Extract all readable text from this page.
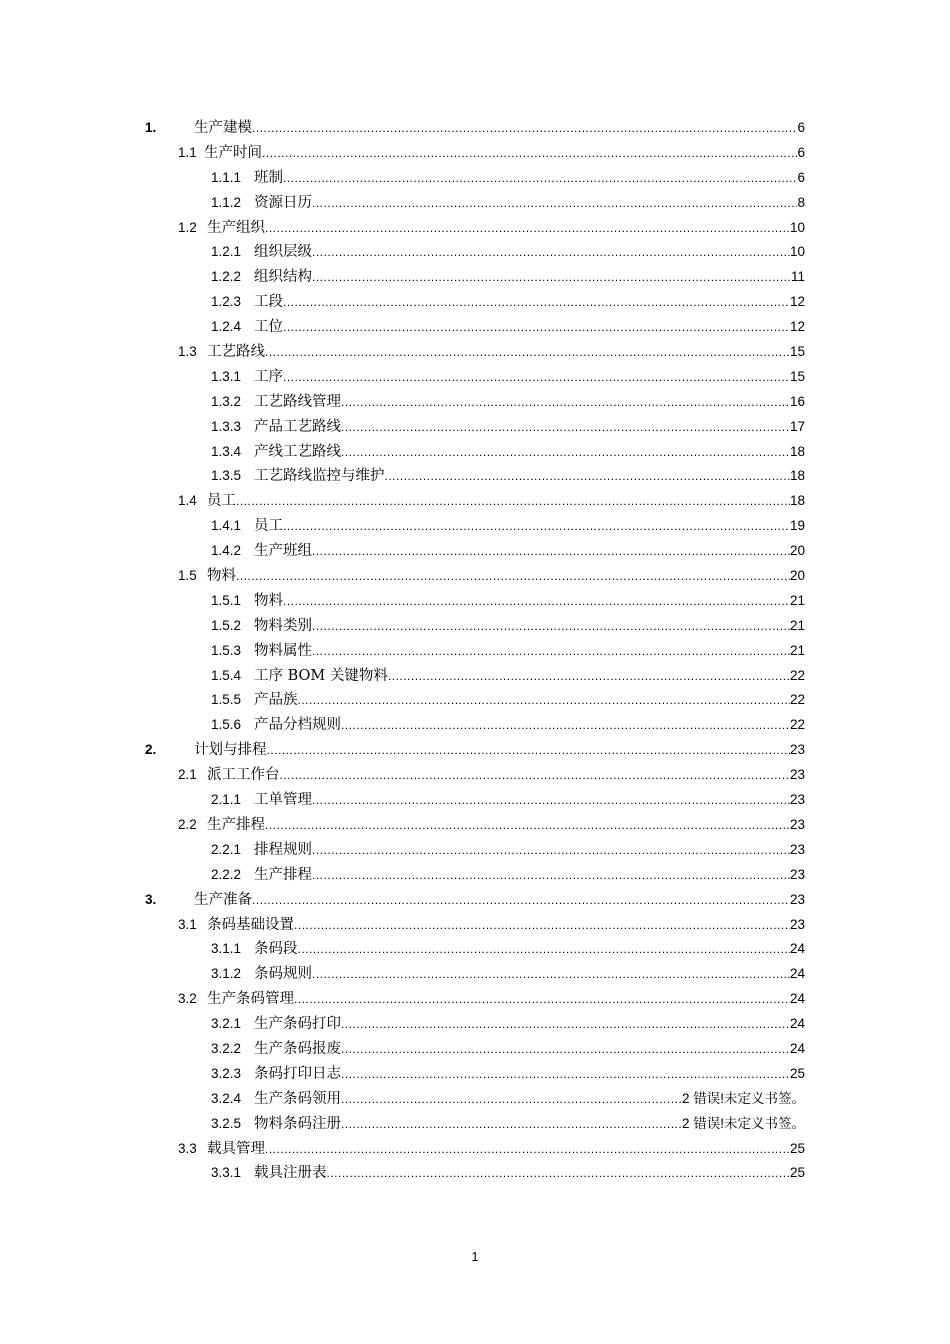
1.	生产建模 .....	6
1.1 生产时间 .....	6
1.1.1 班制 .....	6
1.1.2 资源日历 .....	8
1.2 生产组织 .....	10
1.2.1 组织层级 .....	10
1.2.2 组织结构 .....	11
1.2.3 工段 .....	12
1.2.4 工位 .....	12
1.3 工艺路线 .....	15
1.3.1 工序 .....	15
1.3.2 工艺路线管理 .....	16
1.3.3 产品工艺路线 .....	17
1.3.4 产线工艺路线 .....	18
1.3.5 工艺路线监控与维护 .....	18
1.4 员工 .....	18
1.4.1 员工 .....	19
1.4.2 生产班组 .....	20
1.5 物料 .....	20
1.5.1 物料 .....	21
1.5.2 物料类别 .....	21
1.5.3 物料属性 .....	21
1.5.4 工序 BOM 关键物料 .....	22
1.5.5 产品族 .....	22
1.5.6 产品分档规则 .....	22
2.	计划与排程 .....	23
2.1 派工工作台 .....	23
2.1.1 工单管理 .....	23
2.2 生产排程 .....	23
2.2.1 排程规则 .....	23
2.2.2 生产排程 .....	23
3.	生产准备 .....	23
3.1 条码基础设置 .....	23
3.1.1 条码段 .....	24
3.1.2 条码规则 .....	24
3.2 生产条码管理 .....	24
3.2.1 生产条码打印 .....	24
3.2.2 生产条码报废 .....	24
3.2.3 条码打印日志 .....	25
3.2.4 生产条码领用 .....	2 错误!未定义书签。
3.2.5 物料条码注册 .....	2 错误!未定义书签。
3.3 载具管理 .....	25
3.3.1 载具注册表 .....	25
1
